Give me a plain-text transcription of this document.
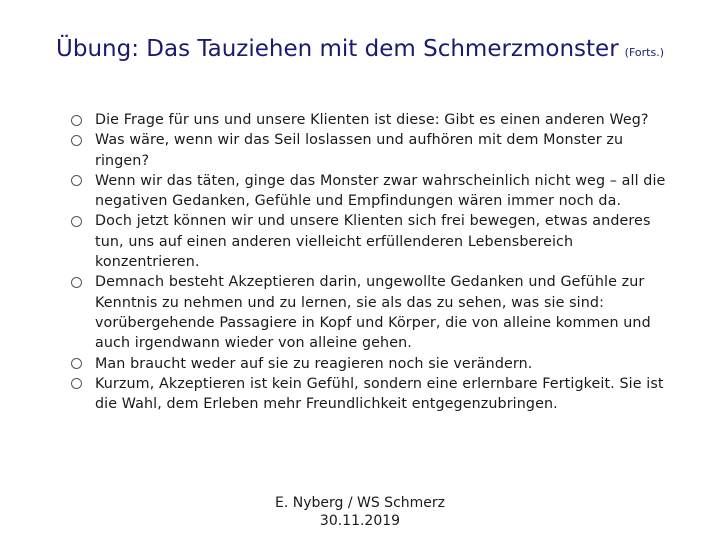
Übung: Das Tauziehen mit dem Schmerzmonster (Forts.)
Die Frage für uns und unsere Klienten ist diese: Gibt es einen anderen Weg?
Was wäre, wenn wir das Seil loslassen und aufhören mit dem Monster zu ringen?
Wenn wir das täten, ginge das Monster zwar wahrscheinlich nicht weg – all die negativen Gedanken, Gefühle und Empfindungen wären immer noch da.
Doch jetzt können wir und unsere Klienten sich frei bewegen, etwas anderes tun, uns auf einen anderen vielleicht erfüllenderen Lebensbereich konzentrieren.
Demnach besteht Akzeptieren darin, ungewollte Gedanken und Gefühle zur Kenntnis zu nehmen und zu lernen, sie als das zu sehen, was sie sind: vorübergehende Passagiere in Kopf und Körper, die von alleine kommen und auch irgendwann wieder von alleine gehen.
Man braucht weder auf sie zu reagieren noch sie verändern.
Kurzum, Akzeptieren ist kein Gefühl, sondern eine erlernbare Fertigkeit. Sie ist die Wahl, dem Erleben mehr Freundlichkeit entgegenzubringen.
E. Nyberg / WS Schmerz
30.11.2019
